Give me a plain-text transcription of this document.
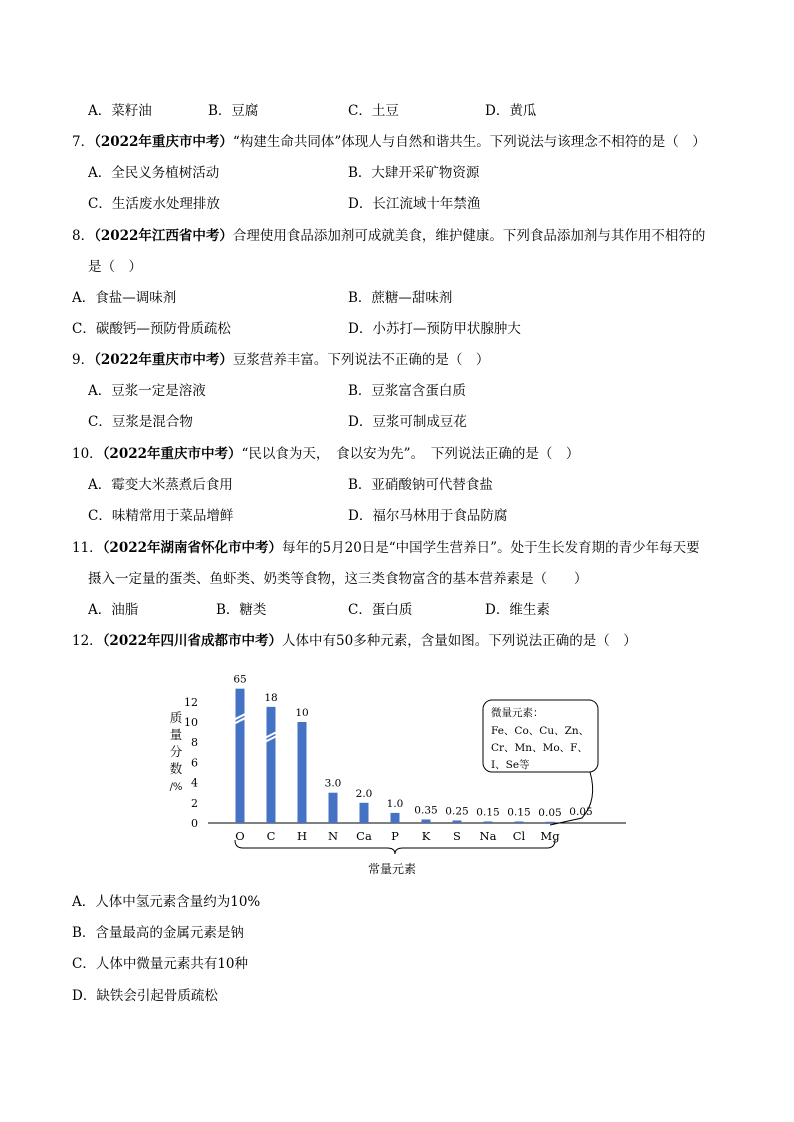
A．菜籽油	B．豆腐	C．土豆	D．黄瓜
7．（2022年重庆市中考）“构建生命共同体”体现人与自然和谐共生。下列说法与该理念不相符的是（　）
A．全民义务植树活动	B．大肆开采矿物资源
C．生活废水处理排放	D．长江流域十年禁渔
8．（2022年江西省中考）合理使用食品添加剂可成就美食，维护健康。下列食品添加剂与其作用不相符的
是（　）
A．食盐—调味剂	B．蔗糖—甜味剂
C．碳酸钙—预防骨质疏松	D．小苏打—预防甲状腺肿大
9．（2022年重庆市中考）豆浆营养丰富。下列说法不正确的是（　）
A．豆浆一定是溶液	B．豆浆富含蛋白质
C．豆浆是混合物	D．豆浆可制成豆花
10．（2022年重庆市中考）“民以食为天，　食以安为先”。　下列说法正确的是（　）
A．霉变大米蒸煮后食用	B．亚硝酸钠可代替食盐
C．味精常用于菜品增鲜	D．福尔马林用于食品防腐
11．（2022年湖南省怀化市中考）每年的5月20日是“中国学生营养日”。处于生长发育期的青少年每天要
摄入一定量的蛋类、鱼虾类、奶类等食物，这三类食物富含的基本营养素是（　　）
A．油脂	B．糖类	C．蛋白质	D．维生素
12．（2022年四川省成都市中考）人体中有50多种元素，含量如图。下列说法正确的是（　）
质
量
分
数
/%
0
2
4
6
8
10
12
65
18
10
3.0
2.0
1.0
0.35 0.25 0.15 0.15 0.05 0.05
O C H N Ca P K S Na Cl Mg
常量元素
微量元素：
Fe、Co、Cu、Zn、
Cr、Mn、Mo、F、
I、Se等
A．人体中氢元素含量约为10%
B．含量最高的金属元素是钠
C．人体中微量元素共有10种
D．缺铁会引起骨质疏松
